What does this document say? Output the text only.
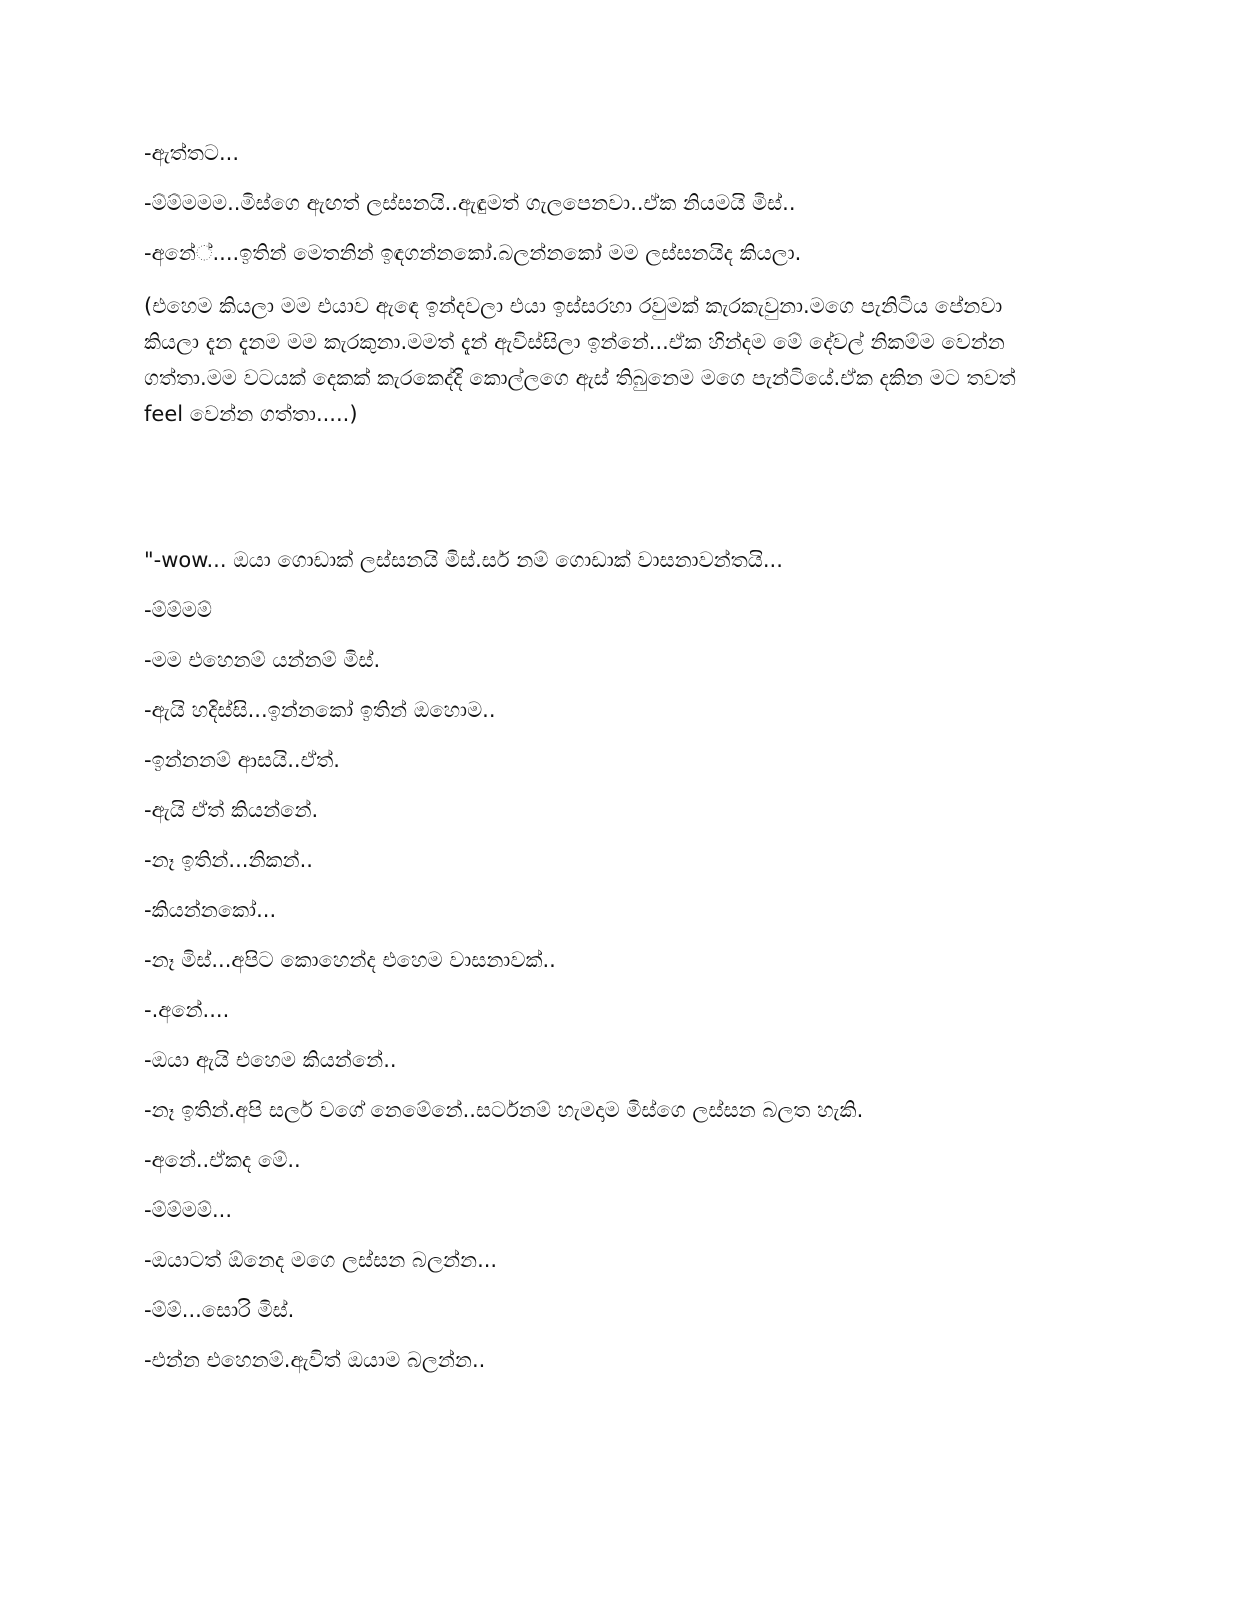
-ඇත්තට...
-ම්ම්මමම..මිස්ගෙ ඇඟත් ලස්සනයි..ඇඳුමත් ගැලපෙනවා..ඒක නියමයි මිස්..
-අනේ්....ඉතින් මෙතනින් ඉඳගන්නකෝ.බලන්නකෝ මම ලස්සනයිද කියලා.

(එහෙම කියලා මම එයාව ඇඳෙ ඉන්දවලා එයා ඉස්සරහා රවුමක් කැරකැවුනා.මගෙ පැනිටිය පේනවා කියලා දැන දැනම මම කැරකුනා.මමත් දැන් ඇවිස්සිලා ඉන්නේ...ඒක හින්දම මේ දේවල් නිකම්ම වෙන්න ගත්තා.මම වටයක් දෙකක් කැරකෙද්දි කොල්ලගෙ ඇස් තිබුනෙම මගෙ පැන්ටියේ.ඒක දකින මට තවත් feel වෙන්න ගත්තා.....)

"-wow... ඔයා ගොඩාක් ලස්සනයි මිස්.සර් නම් ගොඩාක් වාසනාවන්තයි...
-ම්ම්මම්
-මම එහෙනම් යන්නම් මිස්.
-ඇයි හදිස්සි...ඉන්නකෝ ඉතින් ඔහොම..
-ඉන්නනම් ආසයි..ඒත්.
-ඇයි ඒත් කියන්නේ.
-නෑ ඉතින්...නිකන්..
-කියන්නකෝ...
-නෑ මිස්...අපිට කොහෙන්ද එහෙම වාසනාවක්..
-.අනේ....
-ඔයා ඇයි එහෙම කියන්නේ..
-නෑ ඉතින්.අපි සර්ල වගේ නෙමේනේ..සර්ටනම් හැමදාම මිස්ගෙ ලස්සන බලත හැකි.
-අනේ..ඒකද මේ..
-ම්ම්මම්...
-ඔයාටත් ඕනෙද මගෙ ලස්සන බලන්න...
-ම්ම්...සොරි මිස්.
-එන්න එහෙනම්.ඇවිත් ඔයාම බලන්න..
